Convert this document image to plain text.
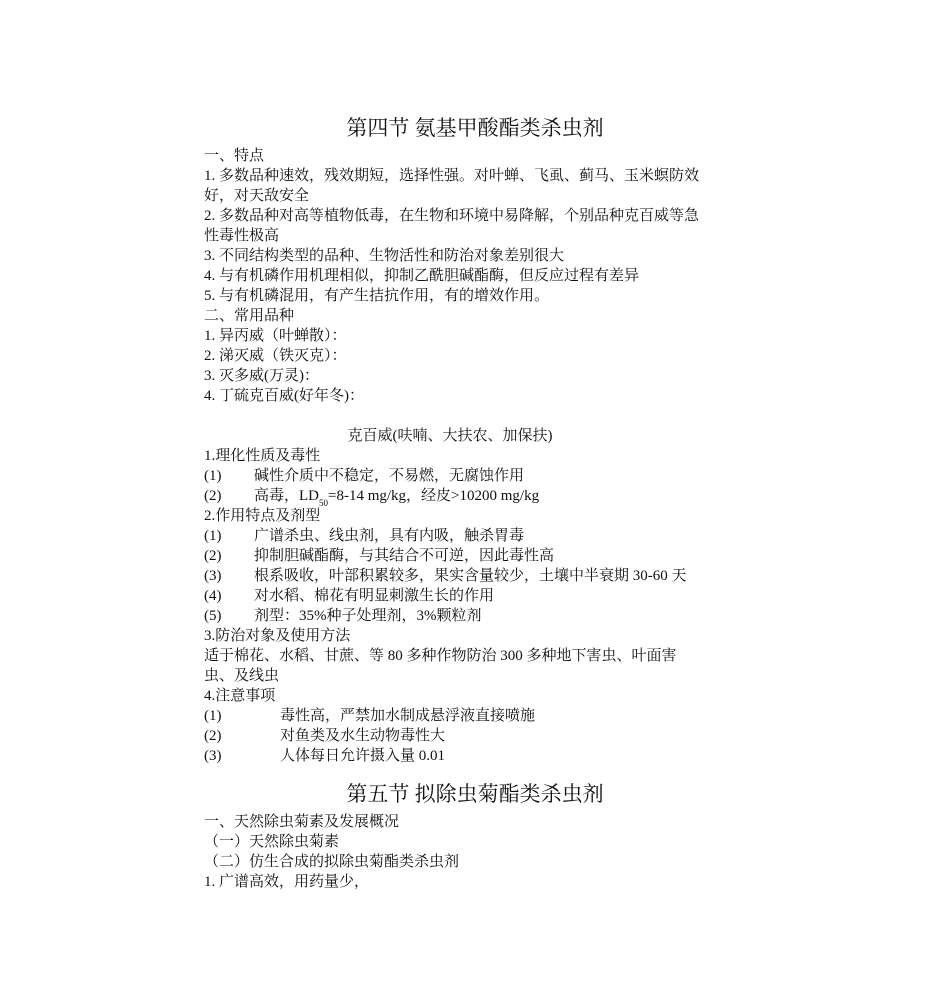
第四节 氨基甲酸酯类杀虫剂
一、特点
1. 多数品种速效，残效期短，选择性强。对叶蝉、飞虱、蓟马、玉米螟防效好，对天敌安全
2. 多数品种对高等植物低毒，在生物和环境中易降解，个别品种克百威等急性毒性极高
3. 不同结构类型的品种、生物活性和防治对象差别很大
4. 与有机磷作用机理相似，抑制乙酰胆碱酯酶，但反应过程有差异
5. 与有机磷混用，有产生拮抗作用，有的增效作用。
二、常用品种
1. 异丙威（叶蝉散）：
2. 涕灭威（铁灭克）：
3. 灭多威(万灵)：
4. 丁硫克百威(好年冬)：
克百威(呋喃、大扶农、加保扶)
1.理化性质及毒性
(1) 碱性介质中不稳定，不易燃，无腐蚀作用
(2) 高毒，$LD_{50}=8-14$ mg/kg，经皮>10200 mg/kg
2.作用特点及剂型
(1) 广谱杀虫、线虫剂，具有内吸，触杀胃毒
(2) 抑制胆碱酯酶，与其结合不可逆，因此毒性高
(3) 根系吸收，叶部积累较多，果实含量较少，土壤中半衰期 30-60 天
(4) 对水稻、棉花有明显刺激生长的作用
(5) 剂型：35%种子处理剂，3%颗粒剂
3.防治对象及使用方法
适于棉花、水稻、甘蔗、等 80 多种作物防治 300 多种地下害虫、叶面害虫、及线虫
4.注意事项
(1)	毒性高，严禁加水制成悬浮液直接喷施
(2)	对鱼类及水生动物毒性大
(3)	人体每日允许摄入量 0.01
第五节 拟除虫菊酯类杀虫剂
一、天然除虫菊素及发展概况
（一）天然除虫菊素
（二）仿生合成的拟除虫菊酯类杀虫剂
1. 广谱高效，用药量少，
